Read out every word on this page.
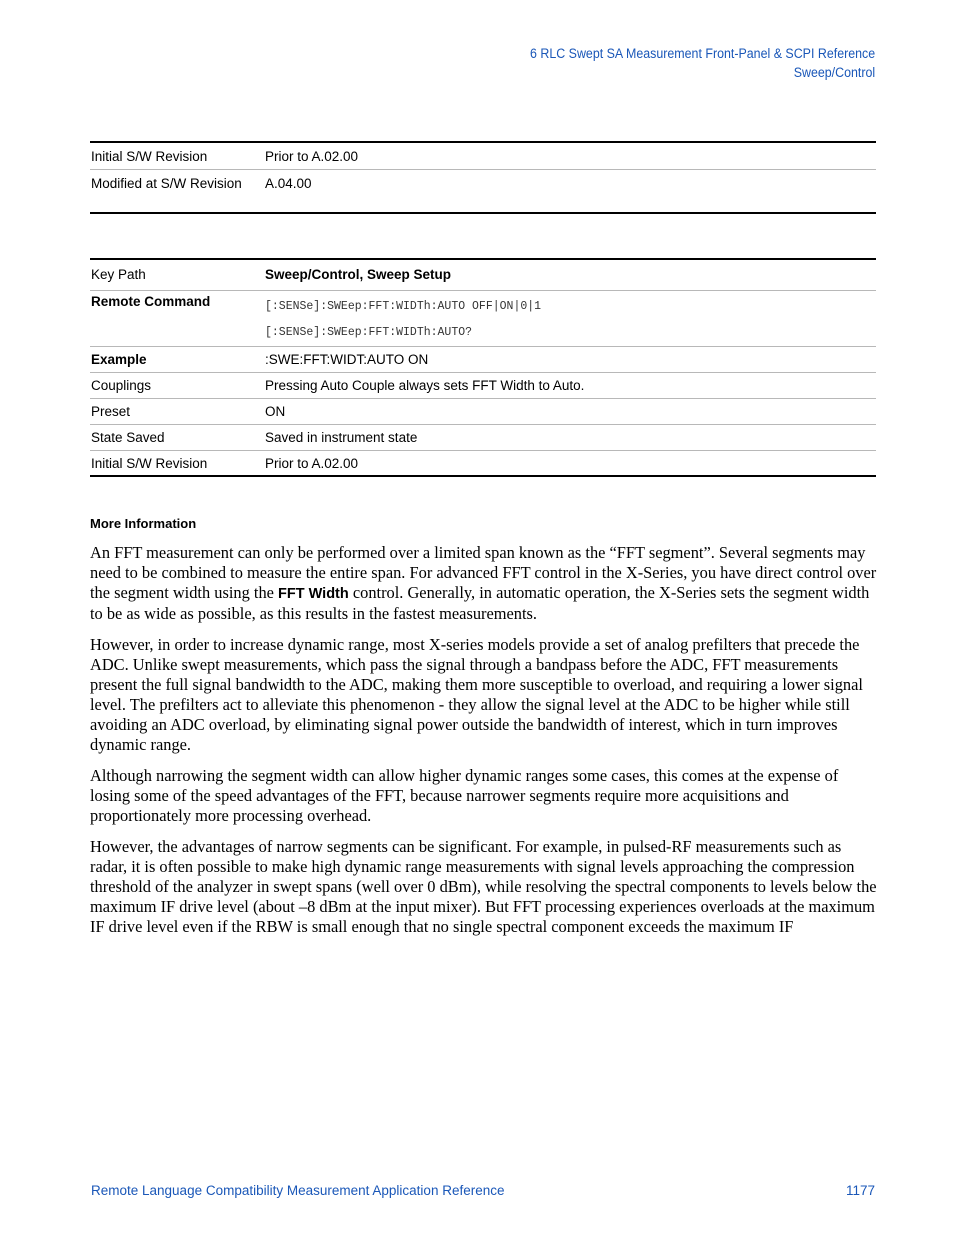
6 RLC Swept SA Measurement Front-Panel & SCPI Reference
Sweep/Control
Initial S/W Revision	Prior to A.02.00
Modified at S/W Revision	A.04.00
Key Path	Sweep/Control, Sweep Setup
Remote Command	[:SENSe]:SWEep:FFT:WIDTh:AUTO OFF|ON|0|1
[:SENSe]:SWEep:FFT:WIDTh:AUTO?

Example	:SWE:FFT:WIDT:AUTO ON
Couplings	Pressing Auto Couple always sets FFT Width to Auto.
Preset	ON
State Saved	Saved in instrument state
Initial S/W Revision	Prior to A.02.00
More Information

An FFT measurement can only be performed over a limited span known as the “FFT segment”. Several segments may need to be combined to measure the entire span. For advanced FFT control in the X-Series, you have direct control over the segment width using the FFT Width control. Generally, in automatic operation, the X-Series sets the segment width to be as wide as possible, as this results in the fastest measurements.

However, in order to increase dynamic range, most X-series models provide a set of analog prefilters that precede the ADC. Unlike swept measurements, which pass the signal through a bandpass before the ADC, FFT measurements present the full signal bandwidth to the ADC, making them more susceptible to overload, and requiring a lower signal level. The prefilters act to alleviate this phenomenon - they allow the signal level at the ADC to be higher while still avoiding an ADC overload, by eliminating signal power outside the bandwidth of interest, which in turn improves dynamic range.

Although narrowing the segment width can allow higher dynamic ranges some cases, this comes at the expense of losing some of the speed advantages of the FFT, because narrower segments require more acquisitions and proportionately more processing overhead.

However, the advantages of narrow segments can be significant. For example, in pulsed-RF measurements such as radar, it is often possible to make high dynamic range measurements with signal levels approaching the compression threshold of the analyzer in swept spans (well over 0 dBm), while resolving the spectral components to levels below the maximum IF drive level (about –8 dBm at the input mixer). But FFT processing experiences overloads at the maximum IF drive level even if the RBW is small enough that no single spectral component exceeds the maximum IF

Remote Language Compatibility Measurement Application Reference	1177
